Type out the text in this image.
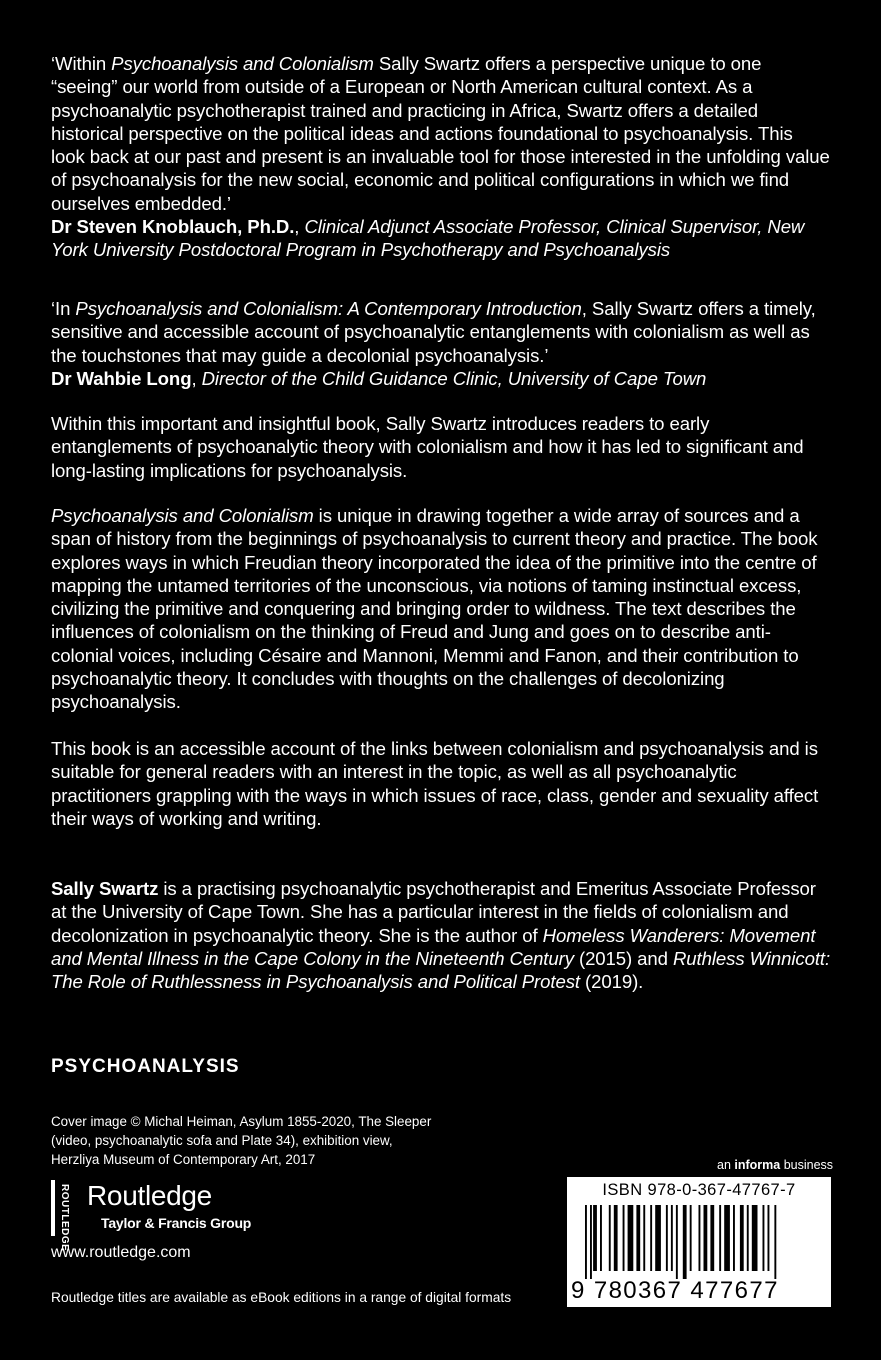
‘Within Psychoanalysis and Colonialism Sally Swartz offers a perspective unique to one “seeing” our world from outside of a European or North American cultural context. As a psychoanalytic psychotherapist trained and practicing in Africa, Swartz offers a detailed historical perspective on the political ideas and actions foundational to psychoanalysis. This look back at our past and present is an invaluable tool for those interested in the unfolding value of psychoanalysis for the new social, economic and political configurations in which we find ourselves embedded.’

Dr Steven Knoblauch, Ph.D., Clinical Adjunct Associate Professor, Clinical Supervisor, New York University Postdoctoral Program in Psychotherapy and Psychoanalysis

‘In Psychoanalysis and Colonialism: A Contemporary Introduction, Sally Swartz offers a timely, sensitive and accessible account of psychoanalytic entanglements with colonialism as well as the touchstones that may guide a decolonial psychoanalysis.’

Dr Wahbie Long, Director of the Child Guidance Clinic, University of Cape Town

Within this important and insightful book, Sally Swartz introduces readers to early entanglements of psychoanalytic theory with colonialism and how it has led to significant and long-lasting implications for psychoanalysis.

Psychoanalysis and Colonialism is unique in drawing together a wide array of sources and a span of history from the beginnings of psychoanalysis to current theory and practice. The book explores ways in which Freudian theory incorporated the idea of the primitive into the centre of mapping the untamed territories of the unconscious, via notions of taming instinctual excess, civilizing the primitive and conquering and bringing order to wildness. The text describes the influences of colonialism on the thinking of Freud and Jung and goes on to describe anti-colonial voices, including Césaire and Mannoni, Memmi and Fanon, and their contribution to psychoanalytic theory. It concludes with thoughts on the challenges of decolonizing psychoanalysis.

This book is an accessible account of the links between colonialism and psychoanalysis and is suitable for general readers with an interest in the topic, as well as all psychoanalytic practitioners grappling with the ways in which issues of race, class, gender and sexuality affect their ways of working and writing.

Sally Swartz is a practising psychoanalytic psychotherapist and Emeritus Associate Professor at the University of Cape Town. She has a particular interest in the fields of colonialism and decolonization in psychoanalytic theory. She is the author of Homeless Wanderers: Movement and Mental Illness in the Cape Colony in the Nineteenth Century (2015) and Ruthless Winnicott: The Role of Ruthlessness in Psychoanalysis and Political Protest (2019).

PSYCHOANALYSIS
Cover image © Michal Heiman, Asylum 1855-2020, The Sleeper
(video, psychoanalytic sofa and Plate 34), exhibition view,
Herzliya Museum of Contemporary Art, 2017
ROUTLEDGE Routledge
Taylor & Francis Group
www.routledge.com
Routledge titles are available as eBook editions in a range of digital formats
an informa business
ISBN 978-0-367-47767-7
9 780367 477677
